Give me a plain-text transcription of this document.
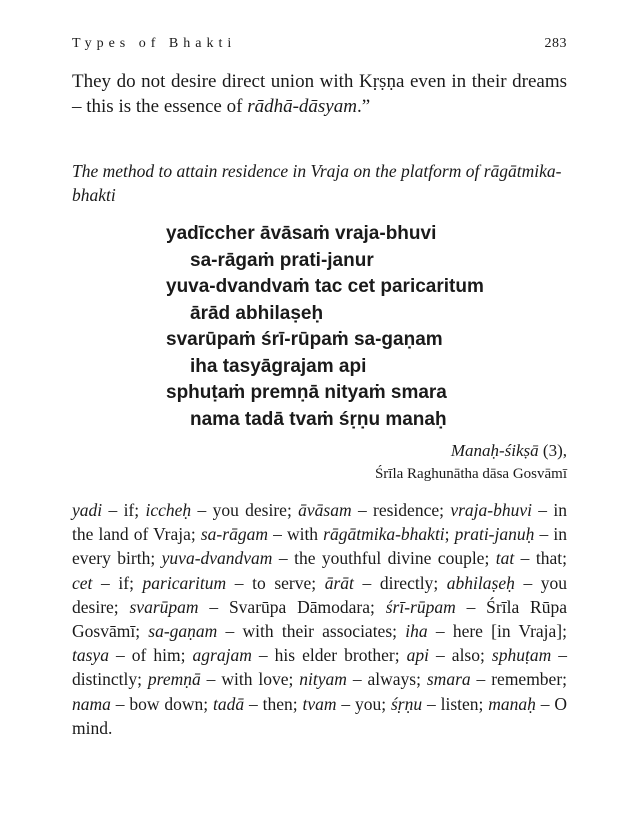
Types of Bhakti	283

They do not desire direct union with Kṛṣṇa even in their dreams – this is the essence of rādhā-dāsyam.”

The method to attain residence in Vraja on the platform of rāgātmika-bhakti
yadīccher āvāsaṁ vraja-bhuvi
sa-rāgaṁ prati-janur
yuva-dvandvaṁ tac cet paricaritum
ārād abhilaṣeḥ
svarūpaṁ śrī-rūpaṁ sa-gaṇam
iha tasyāgrajam api
sphuṭaṁ premṇā nityaṁ smara
nama tadā tvaṁ śṛṇu manaḥ
Manaḥ-śikṣā (3),
Śrīla Raghunātha dāsa Gosvāmī

yadi – if; iccheḥ – you desire; āvāsam – residence; vraja-bhuvi – in the land of Vraja; sa-rāgam – with rāgātmika-bhakti; prati-januḥ – in every birth; yuva-dvandvam – the youthful divine couple; tat – that; cet – if; paricaritum – to serve; ārāt – directly; abhilaṣeḥ – you desire; svarūpam – Svarūpa Dāmodara; śrī-rūpam – Śrīla Rūpa Gosvāmī; sa-gaṇam – with their associates; iha – here [in Vraja]; tasya – of him; agrajam – his elder brother; api – also; sphuṭam – distinctly; premṇā – with love; nityam – always; smara – remember; nama – bow down; tadā – then; tvam – you; śṛṇu – listen; manaḥ – O mind.
